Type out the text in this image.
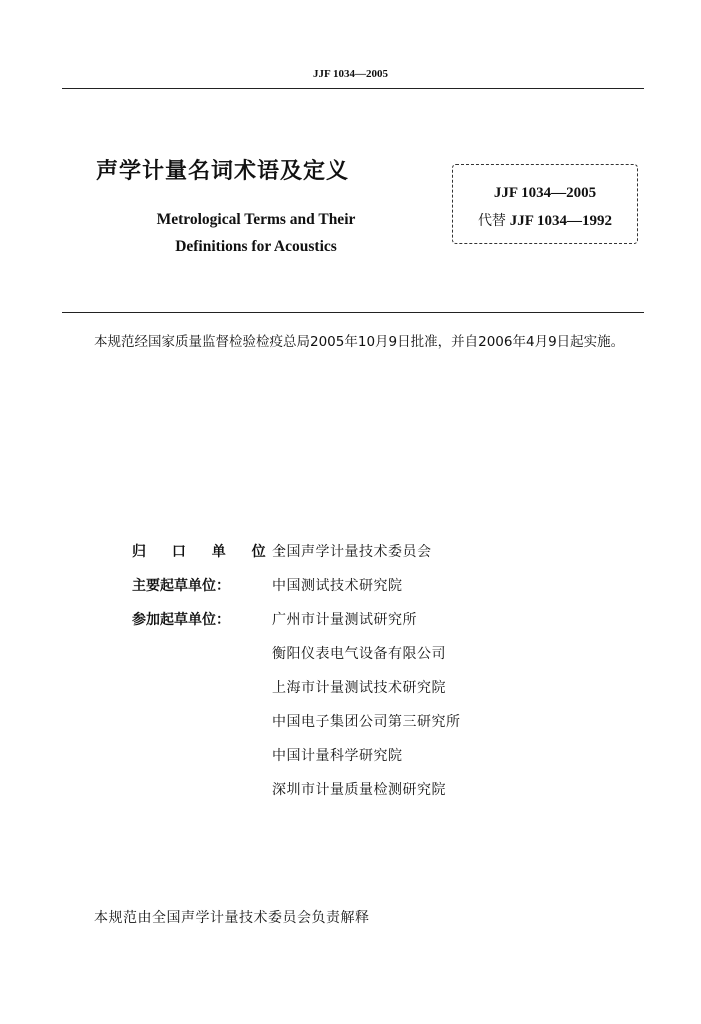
JJF 1034—2005
声学计量名词术语及定义
Metrological Terms and Their
Definitions for Acoustics
JJF 1034—2005
代替 JJF 1034—1992
本规范经国家质量监督检验检疫总局2005年10月9日批准，并自2006年4月9日起实施。
归 口 单 位：
全国声学计量技术委员会
主要起草单位：	中国测试技术研究院
参加起草单位：	广州市计量测试研究所
衡阳仪表电气设备有限公司
上海市计量测试技术研究院
中国电子集团公司第三研究所
中国计量科学研究院
深圳市计量质量检测研究院
本规范由全国声学计量技术委员会负责解释
